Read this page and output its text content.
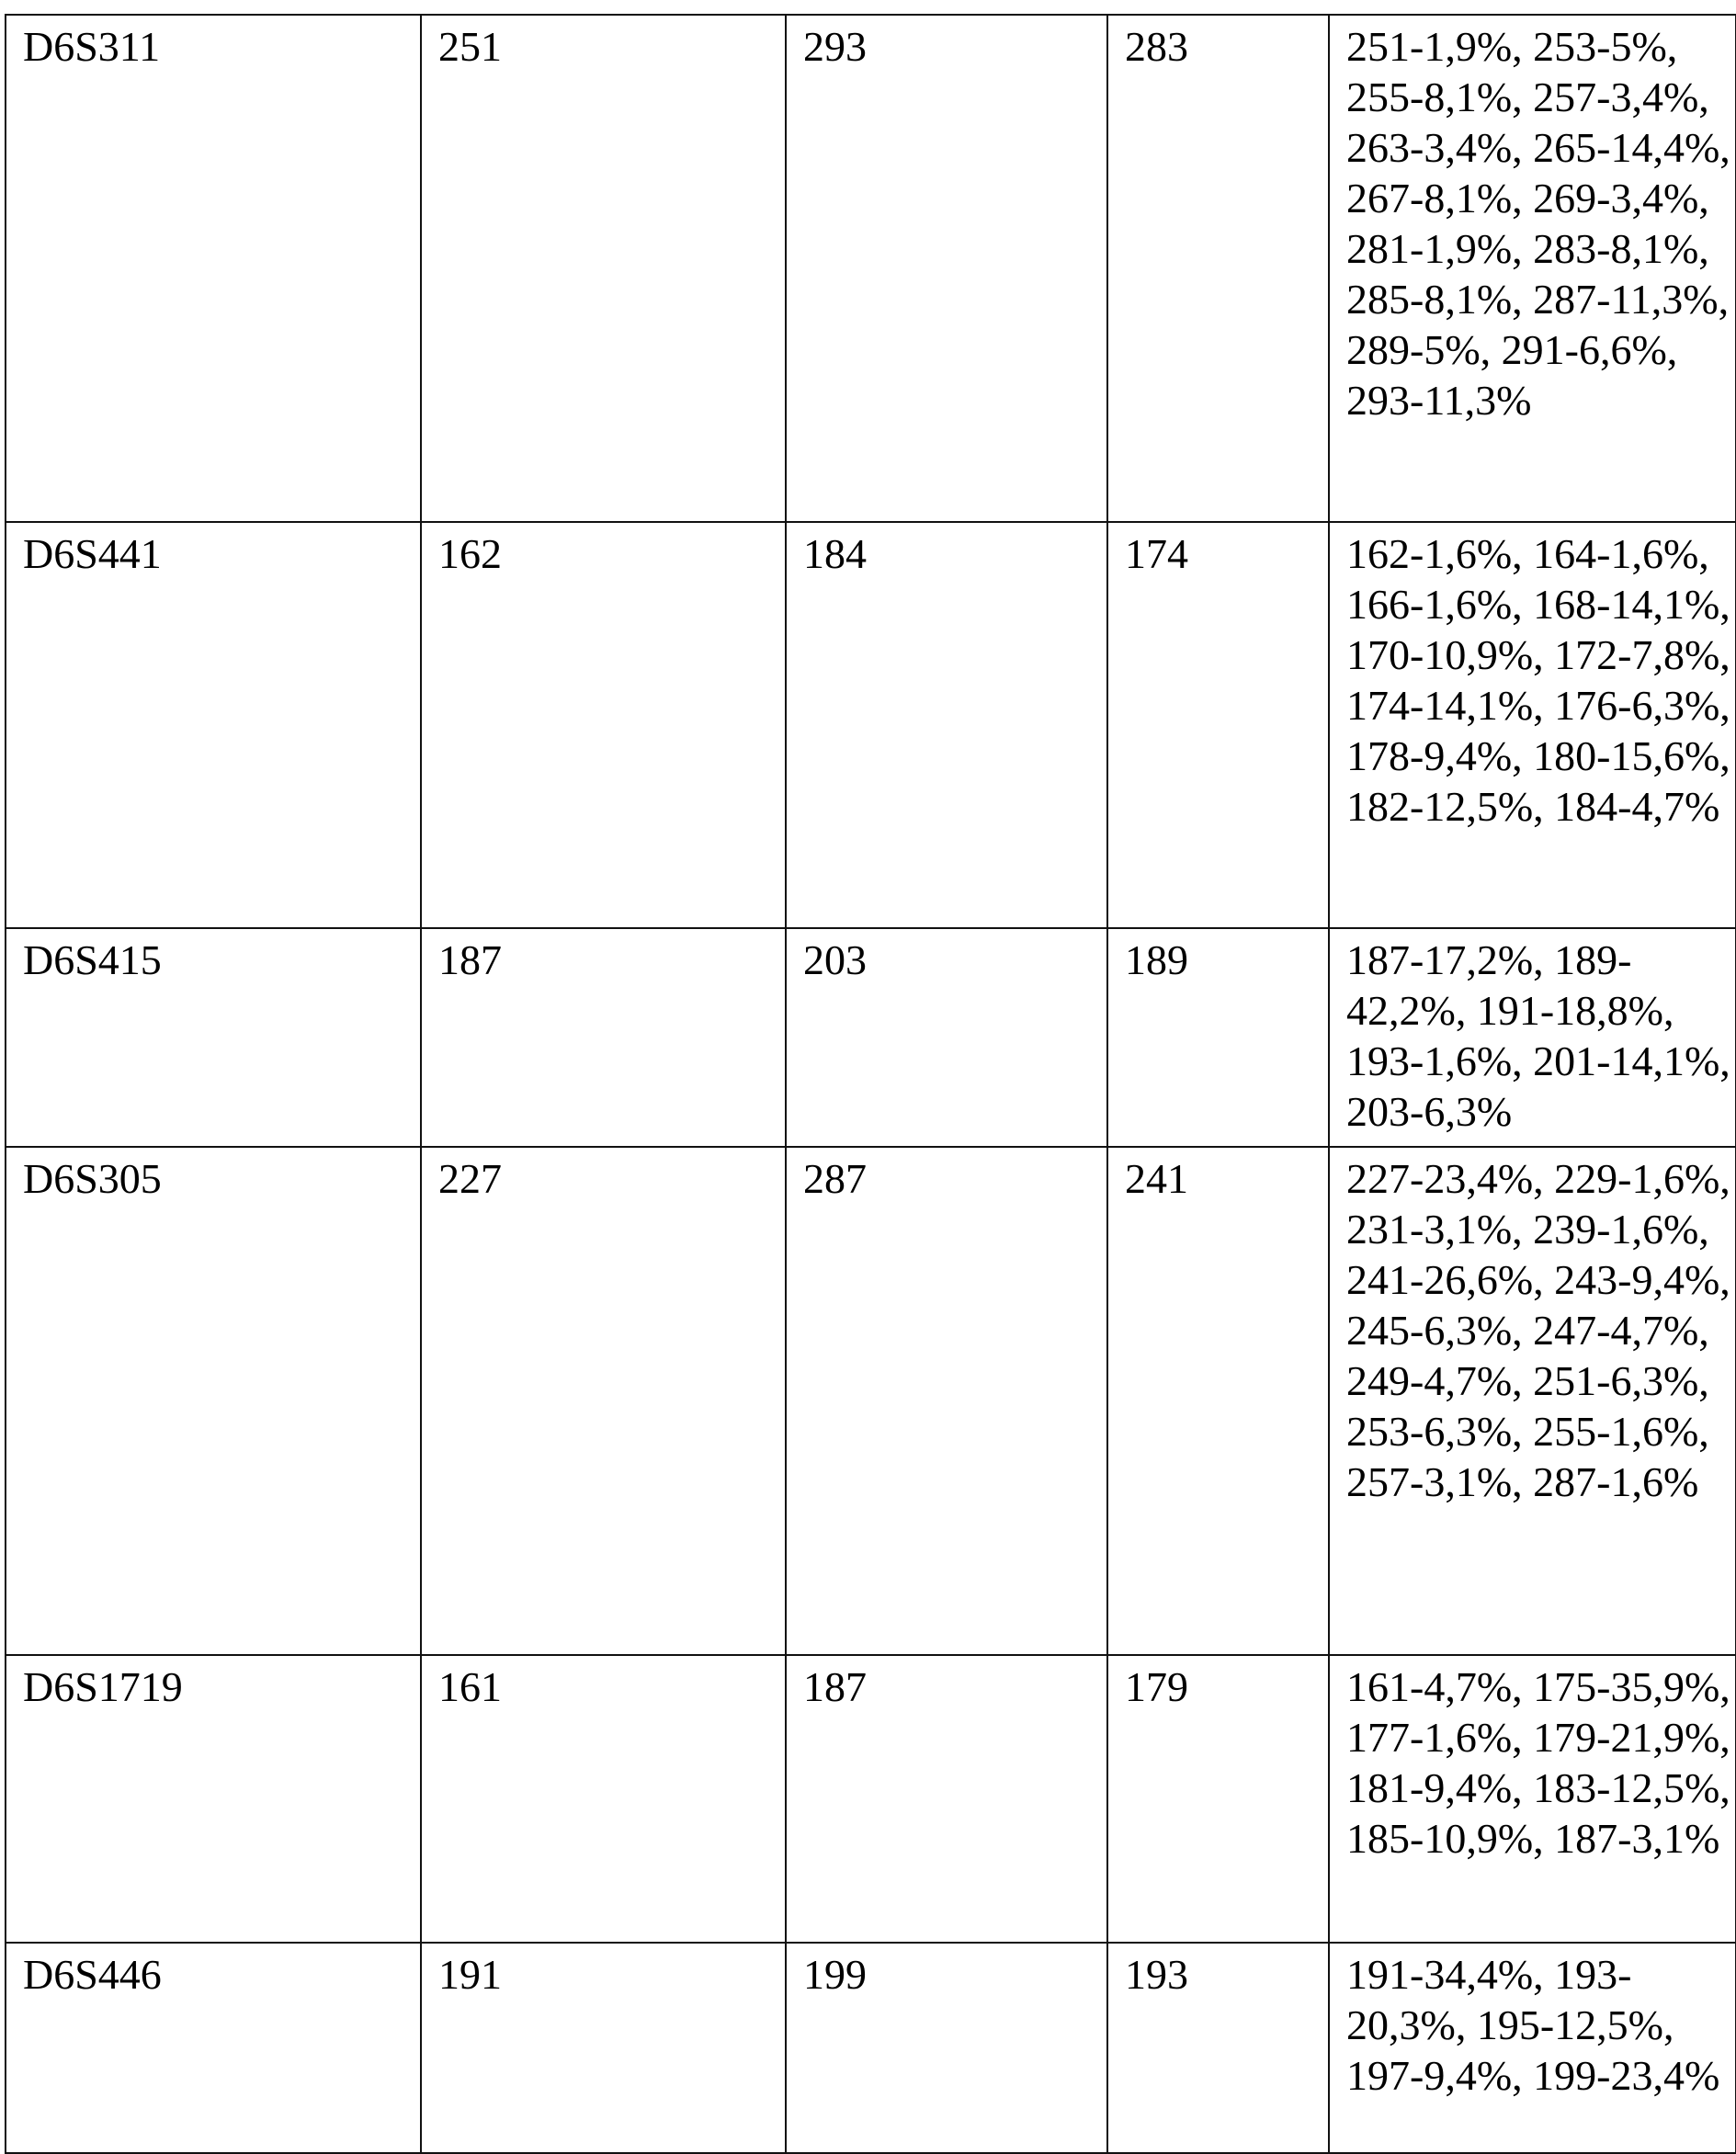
D6S311	251	293	283	251-1,9%, 253-5%, 255-8,1%, 257-3,4%, 263-3,4%, 265-14,4%, 267-8,1%, 269-3,4%, 281-1,9%, 283-8,1%, 285-8,1%, 287-11,3%, 289-5%, 291-6,6%, 293-11,3%
D6S441	162	184	174	162-1,6%, 164-1,6%, 166-1,6%, 168-14,1%, 170-10,9%, 172-7,8%, 174-14,1%, 176-6,3%, 178-9,4%, 180-15,6%, 182-12,5%, 184-4,7%
D6S415	187	203	189	187-17,2%, 189-42,2%, 191-18,8%, 193-1,6%, 201-14,1%, 203-6,3%
D6S305	227	287	241	227-23,4%, 229-1,6%, 231-3,1%, 239-1,6%, 241-26,6%, 243-9,4%, 245-6,3%, 247-4,7%, 249-4,7%, 251-6,3%, 253-6,3%, 255-1,6%, 257-3,1%, 287-1,6%
D6S1719	161	187	179	161-4,7%, 175-35,9%, 177-1,6%, 179-21,9%, 181-9,4%, 183-12,5%, 185-10,9%, 187-3,1%
D6S446	191	199	193	191-34,4%, 193-20,3%, 195-12,5%, 197-9,4%, 199-23,4%
